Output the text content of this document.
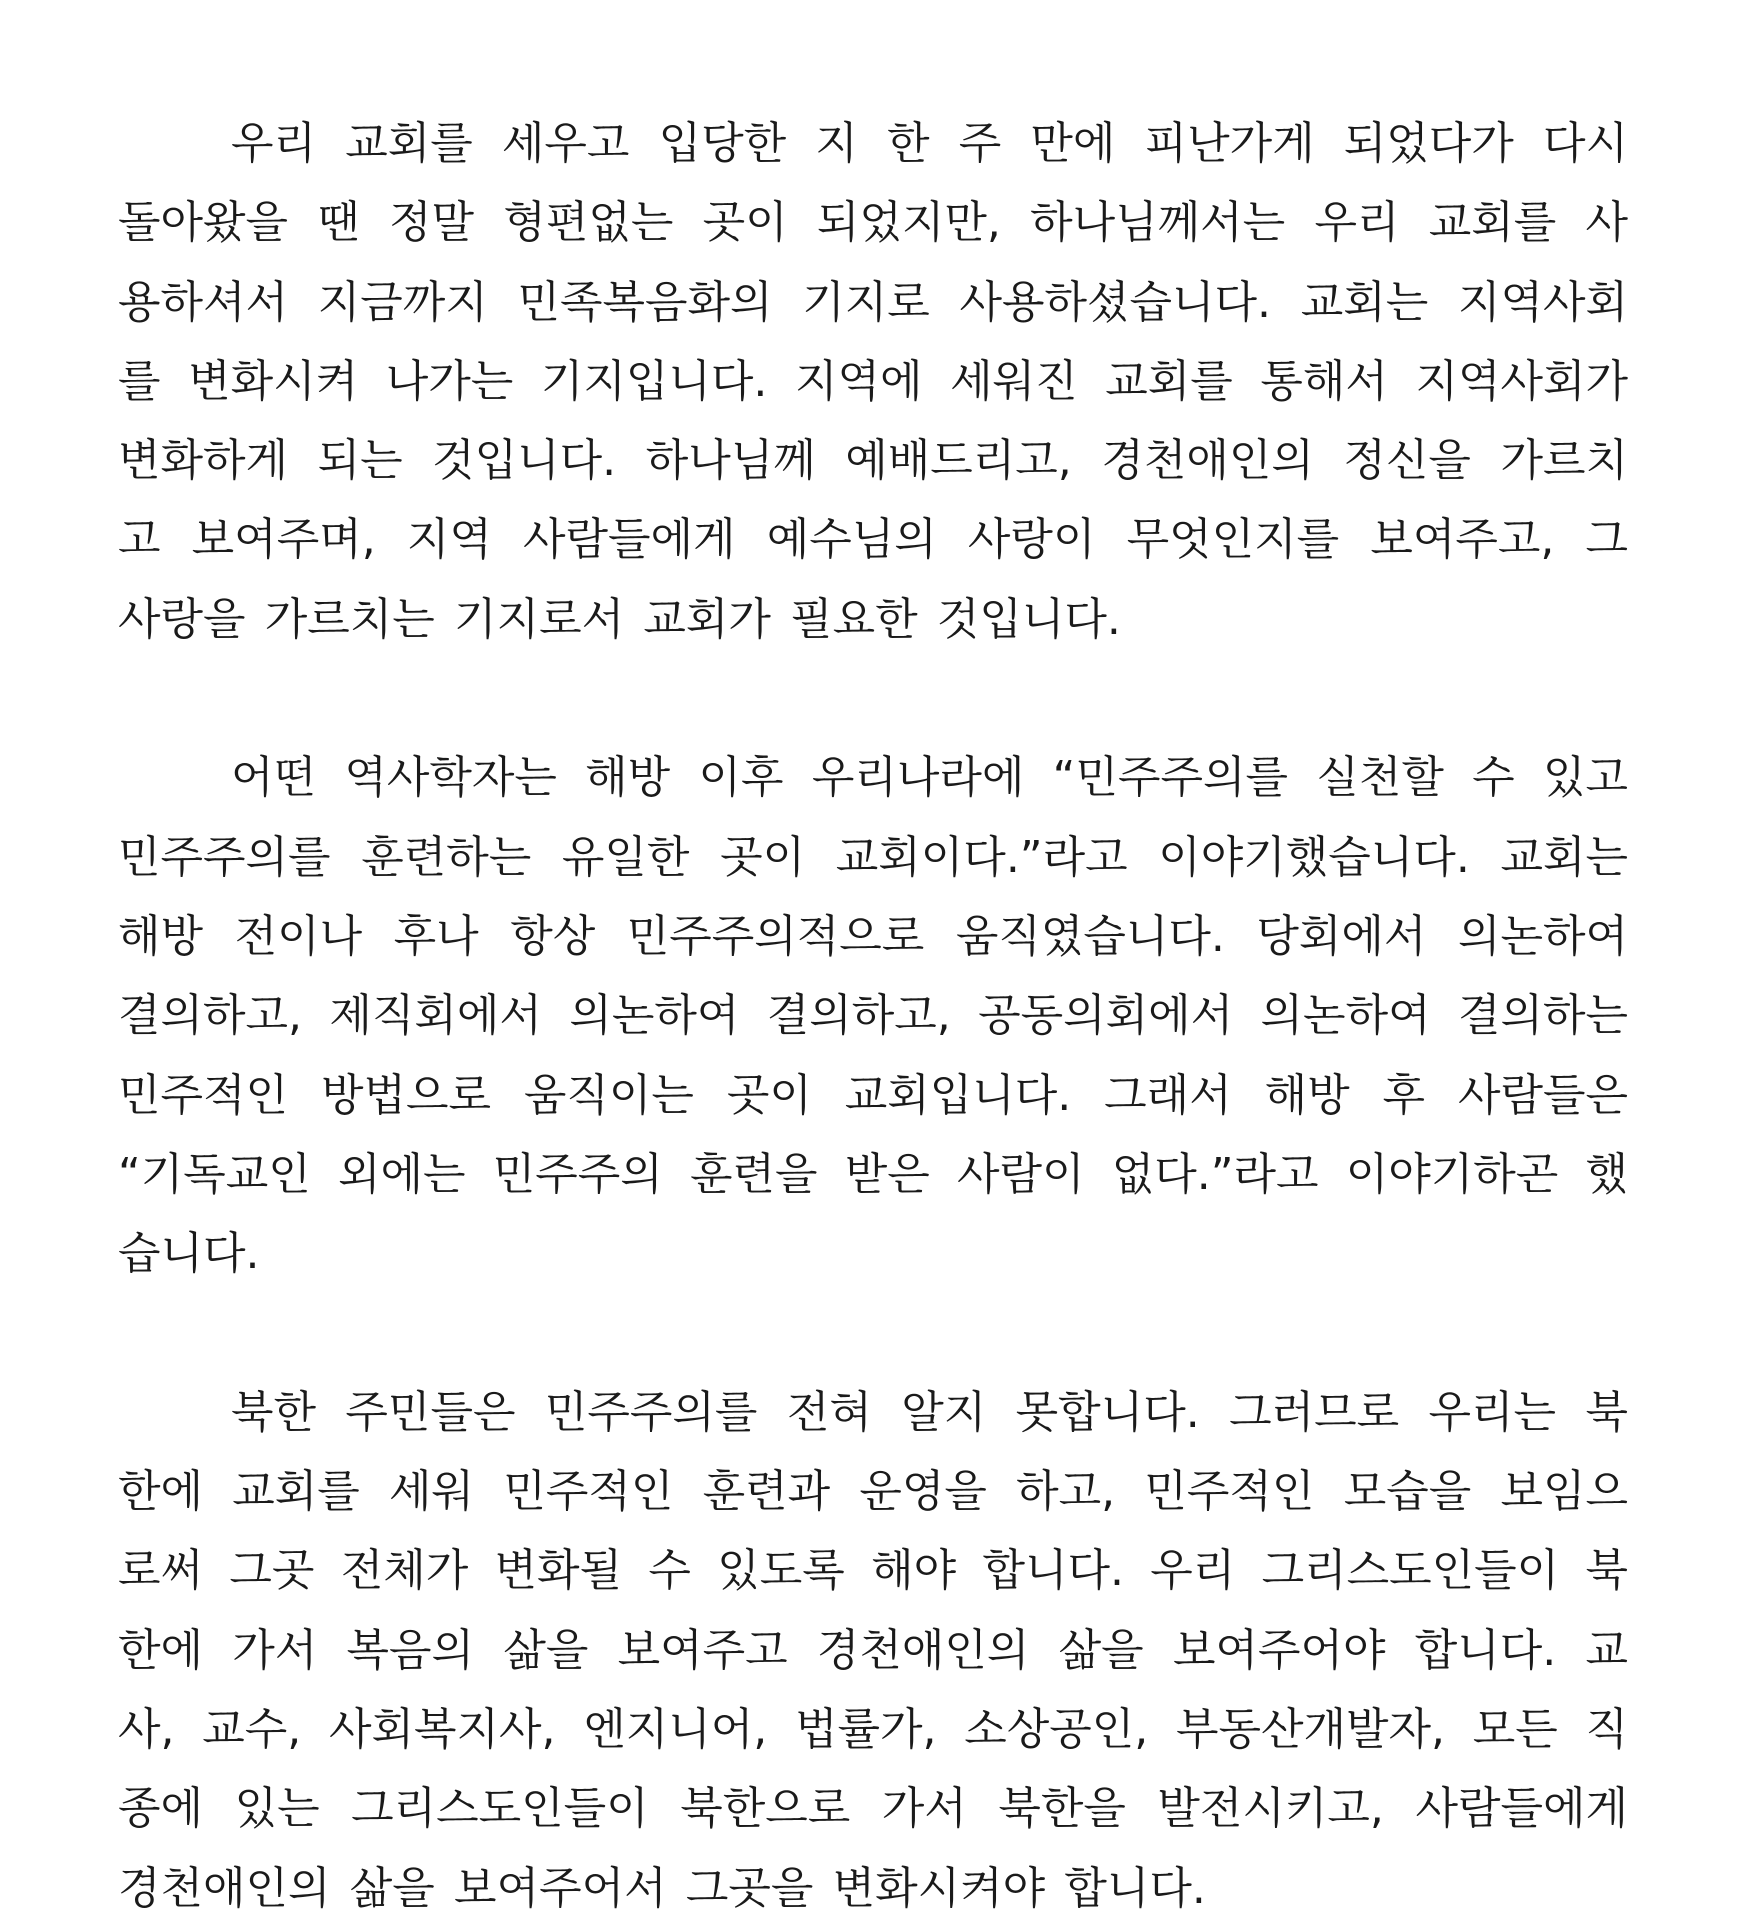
우리 교회를 세우고 입당한 지 한 주 만에 피난가게 되었다가 다시
돌아왔을 땐 정말 형편없는 곳이 되었지만, 하나님께서는 우리 교회를 사
용하셔서 지금까지 민족복음화의 기지로 사용하셨습니다. 교회는 지역사회
를 변화시켜 나가는 기지입니다. 지역에 세워진 교회를 통해서 지역사회가
변화하게 되는 것입니다. 하나님께 예배드리고, 경천애인의 정신을 가르치
고 보여주며, 지역 사람들에게 예수님의 사랑이 무엇인지를 보여주고, 그
사랑을 가르치는 기지로서 교회가 필요한 것입니다.
어떤 역사학자는 해방 이후 우리나라에 “민주주의를 실천할 수 있고
민주주의를 훈련하는 유일한 곳이 교회이다.”라고 이야기했습니다. 교회는
해방 전이나 후나 항상 민주주의적으로 움직였습니다. 당회에서 의논하여
결의하고, 제직회에서 의논하여 결의하고, 공동의회에서 의논하여 결의하는
민주적인 방법으로 움직이는 곳이 교회입니다. 그래서 해방 후 사람들은
“기독교인 외에는 민주주의 훈련을 받은 사람이 없다.”라고 이야기하곤 했
습니다.
북한 주민들은 민주주의를 전혀 알지 못합니다. 그러므로 우리는 북
한에 교회를 세워 민주적인 훈련과 운영을 하고, 민주적인 모습을 보임으
로써 그곳 전체가 변화될 수 있도록 해야 합니다. 우리 그리스도인들이 북
한에 가서 복음의 삶을 보여주고 경천애인의 삶을 보여주어야 합니다. 교
사, 교수, 사회복지사, 엔지니어, 법률가, 소상공인, 부동산개발자, 모든 직
종에 있는 그리스도인들이 북한으로 가서 북한을 발전시키고, 사람들에게
경천애인의 삶을 보여주어서 그곳을 변화시켜야 합니다.
